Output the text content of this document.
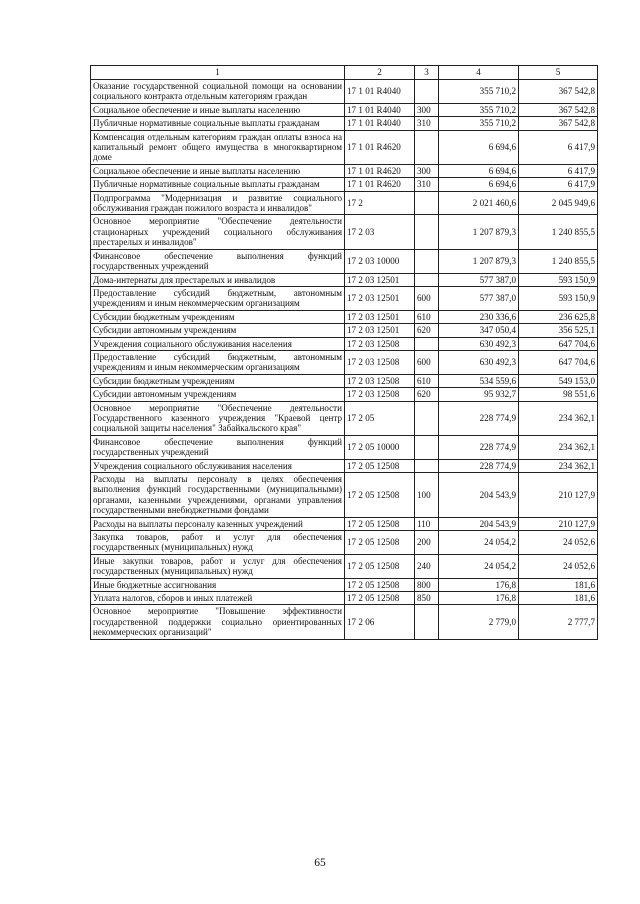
1	2	3	4	5
Оказание государственной социальной помощи на основании социального контракта отдельным категориям граждан	17 1 01 R4040		355 710,2	367 542,8
Социальное обеспечение и иные выплаты населению	17 1 01 R4040	300	355 710,2	367 542,8
Публичные нормативные социальные выплаты гражданам	17 1 01 R4040	310	355 710,2	367 542,8
Компенсация отдельным категориям граждан оплаты взноса на капитальный ремонт общего имущества в многоквартирном доме	17 1 01 R4620		6 694,6	6 417,9
Социальное обеспечение и иные выплаты населению	17 1 01 R4620	300	6 694,6	6 417,9
Публичные нормативные социальные выплаты гражданам	17 1 01 R4620	310	6 694,6	6 417,9
Подпрограмма "Модернизация и развитие социального обслуживания граждан пожилого возраста и инвалидов"	17 2		2 021 460,6	2 045 949,6
Основное мероприятие "Обеспечение деятельности стационарных учреждений социального обслуживания престарелых и инвалидов"	17 2 03		1 207 879,3	1 240 855,5
Финансовое обеспечение выполнения функций государственных учреждений	17 2 03 10000		1 207 879,3	1 240 855,5
Дома-интернаты для престарелых и инвалидов	17 2 03 12501		577 387,0	593 150,9
Предоставление субсидий бюджетным, автономным учреждениям и иным некоммерческим организациям	17 2 03 12501	600	577 387,0	593 150,9
Субсидии бюджетным учреждениям	17 2 03 12501	610	230 336,6	236 625,8
Субсидии автономным учреждениям	17 2 03 12501	620	347 050,4	356 525,1
Учреждения социального обслуживания населения	17 2 03 12508		630 492,3	647 704,6
Предоставление субсидий бюджетным, автономным учреждениям и иным некоммерческим организациям	17 2 03 12508	600	630 492,3	647 704,6
Субсидии бюджетным учреждениям	17 2 03 12508	610	534 559,6	549 153,0
Субсидии автономным учреждениям	17 2 03 12508	620	95 932,7	98 551,6
Основное мероприятие "Обеспечение деятельности Государственного казенного учреждения "Краевой центр социальной защиты населения" Забайкальского края"	17 2 05		228 774,9	234 362,1
Финансовое обеспечение выполнения функций государственных учреждений	17 2 05 10000		228 774,9	234 362,1
Учреждения социального обслуживания населения	17 2 05 12508		228 774,9	234 362,1
Расходы на выплаты персоналу в целях обеспечения выполнения функций государственными (муниципальными) органами, казенными учреждениями, органами управления государственными внебюджетными фондами	17 2 05 12508	100	204 543,9	210 127,9
Расходы на выплаты персоналу казенных учреждений	17 2 05 12508	110	204 543,9	210 127,9
Закупка товаров, работ и услуг для обеспечения государственных (муниципальных) нужд	17 2 05 12508	200	24 054,2	24 052,6
Иные закупки товаров, работ и услуг для обеспечения государственных (муниципальных) нужд	17 2 05 12508	240	24 054,2	24 052,6
Иные бюджетные ассигнования	17 2 05 12508	800	176,8	181,6
Уплата налогов, сборов и иных платежей	17 2 05 12508	850	176,8	181,6
Основное мероприятие "Повышение эффективности государственной поддержки социально ориентированных некоммерческих организаций"	17 2 06		2 779,0	2 777,7
65
